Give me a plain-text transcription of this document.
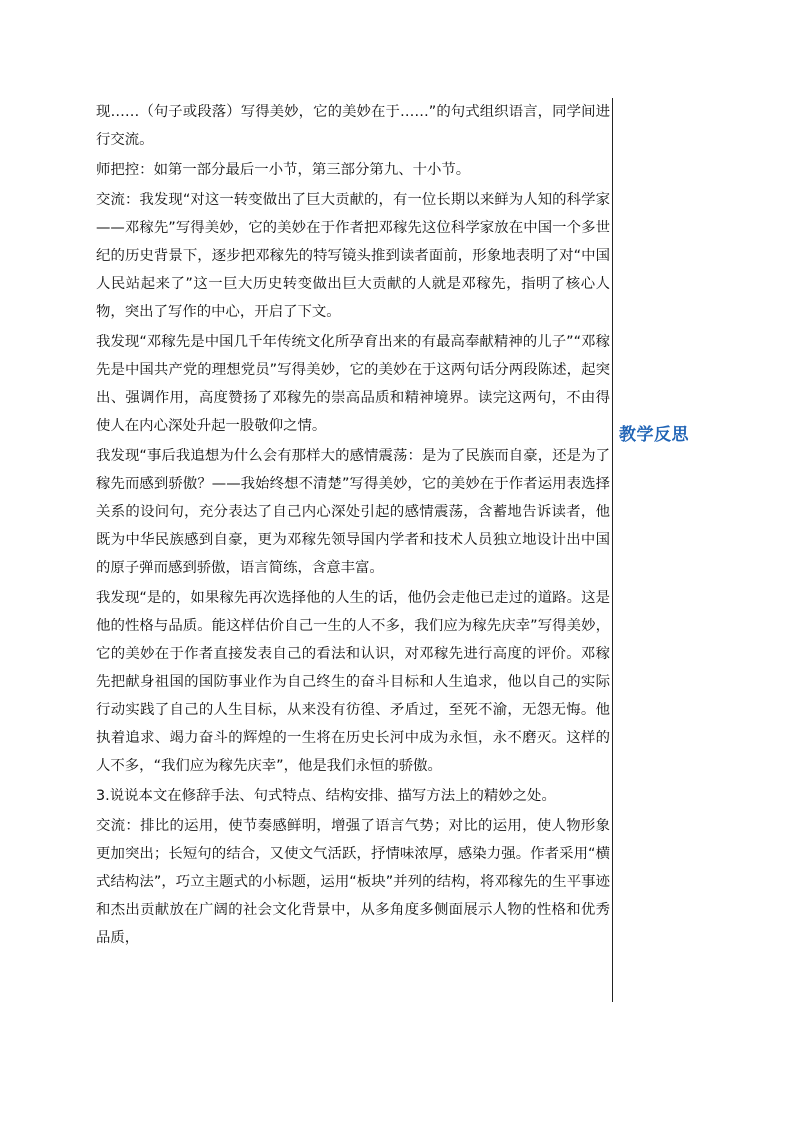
现……（句子或段落）写得美妙，它的美妙在于……”的句式组织语言，同学间进行交流。

师把控：如第一部分最后一小节，第三部分第九、十小节。

交流：我发现“对这一转变做出了巨大贡献的，有一位长期以来鲜为人知的科学家——邓稼先”写得美妙，它的美妙在于作者把邓稼先这位科学家放在中国一个多世纪的历史背景下，逐步把邓稼先的特写镜头推到读者面前，形象地表明了对“中国人民站起来了”这一巨大历史转变做出巨大贡献的人就是邓稼先，指明了核心人物，突出了写作的中心，开启了下文。

我发现“邓稼先是中国几千年传统文化所孕育出来的有最高奉献精神的儿子”“邓稼先是中国共产党的理想党员”写得美妙，它的美妙在于这两句话分两段陈述，起突出、强调作用，高度赞扬了邓稼先的崇高品质和精神境界。读完这两句，不由得使人在内心深处升起一股敬仰之情。

我发现“事后我追想为什么会有那样大的感情震荡：是为了民族而自豪，还是为了稼先而感到骄傲？——我始终想不清楚”写得美妙，它的美妙在于作者运用表选择关系的设问句，充分表达了自己内心深处引起的感情震荡，含蓄地告诉读者，他既为中华民族感到自豪，更为邓稼先领导国内学者和技术人员独立地设计出中国的原子弹而感到骄傲，语言简练，含意丰富。

我发现“是的，如果稼先再次选择他的人生的话，他仍会走他已走过的道路。这是他的性格与品质。能这样估价自己一生的人不多，我们应为稼先庆幸”写得美妙，它的美妙在于作者直接发表自己的看法和认识，对邓稼先进行高度的评价。邓稼先把献身祖国的国防事业作为自己终生的奋斗目标和人生追求，他以自己的实际行动实践了自己的人生目标，从来没有彷徨、矛盾过，至死不渝，无怨无悔。他执着追求、竭力奋斗的辉煌的一生将在历史长河中成为永恒，永不磨灭。这样的人不多，“我们应为稼先庆幸”，他是我们永恒的骄傲。

3.说说本文在修辞手法、句式特点、结构安排、描写方法上的精妙之处。

交流：排比的运用，使节奏感鲜明，增强了语言气势；对比的运用，使人物形象更加突出；长短句的结合，又使文气活跃，抒情味浓厚，感染力强。作者采用“横式结构法”，巧立主题式的小标题，运用“板块”并列的结构，将邓稼先的生平事迹和杰出贡献放在广阔的社会文化背景中，从多角度多侧面展示人物的性格和优秀品质，

教学反思
